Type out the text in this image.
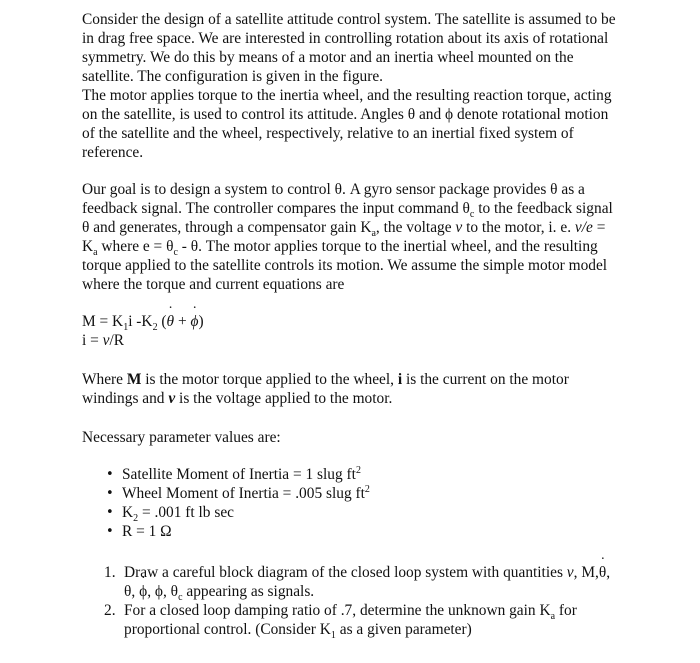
Consider the design of a satellite attitude control system. The satellite is assumed to be in drag free space. We are interested in controlling rotation about its axis of rotational symmetry. We do this by means of a motor and an inertia wheel mounted on the satellite. The configuration is given in the figure.
The motor applies torque to the inertia wheel, and the resulting reaction torque, acting on the satellite, is used to control its attitude. Angles θ and ϕ denote rotational motion of the satellite and the wheel, respectively, relative to an inertial fixed system of reference.

Our goal is to design a system to control θ. A gyro sensor package provides θ as a feedback signal. The controller compares the input command $\theta_c$ to the feedback signal θ and generates, through a compensator gain $K_a$, the voltage v to the motor, i. e. $v/e = K_a$ where $e = \theta_c - \theta$. The motor applies torque to the inertial wheel, and the resulting torque applied to the satellite controls its motion. We assume the simple motor model where the torque and current equations are

$M = K_1i$ $-K_2$ (˙ θ + ˙ ϕ)
i = v/R

Where M is the motor torque applied to the wheel, i is the current on the motor windings and v is the voltage applied to the motor.

Necessary parameter values are:

• Satellite Moment of Inertia = 1 slug $ft^2$
• Wheel Moment of Inertia = .005 slug $ft^2$
• $K_2 = .001$ ft lb sec
• R = 1 Ω
1. Draw a careful block diagram of the closed loop system with quantities v, M,˙ θ, θ, ˙ ϕ, ϕ, $\theta_c$ appearing as signals.
2. For a closed loop damping ratio of .7, determine the unknown gain $K_a$ for proportional control. (Consider $K_1$ as a given parameter)
